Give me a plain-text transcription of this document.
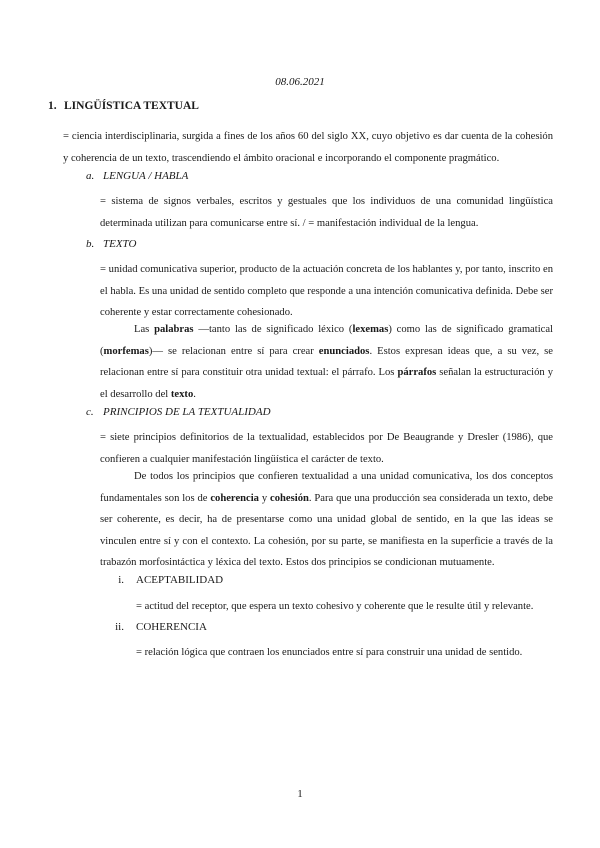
08.06.2021
1. LINGÜÍSTICA TEXTUAL
= ciencia interdisciplinaria, surgida a fines de los años 60 del siglo XX, cuyo objetivo es dar cuenta de la cohesión y coherencia de un texto, trascendiendo el ámbito oracional e incorporando el componente pragmático.
a. LENGUA / HABLA
= sistema de signos verbales, escritos y gestuales que los individuos de una comunidad lingüística determinada utilizan para comunicarse entre sí. / = manifestación individual de la lengua.
b. TEXTO
= unidad comunicativa superior, producto de la actuación concreta de los hablantes y, por tanto, inscrito en el habla. Es una unidad de sentido completo que responde a una intención comunicativa definida. Debe ser coherente y estar correctamente cohesionado.
Las palabras —tanto las de significado léxico (lexemas) como las de significado gramatical (morfemas)— se relacionan entre sí para crear enunciados. Estos expresan ideas que, a su vez, se relacionan entre sí para constituir otra unidad textual: el párrafo. Los párrafos señalan la estructuración y el desarrollo del texto.
c. PRINCIPIOS DE LA TEXTUALIDAD
= siete principios definitorios de la textualidad, establecidos por De Beaugrande y Dresler (1986), que confieren a cualquier manifestación lingüística el carácter de texto.
De todos los principios que confieren textualidad a una unidad comunicativa, los dos conceptos fundamentales son los de coherencia y cohesión. Para que una producción sea considerada un texto, debe ser coherente, es decir, ha de presentarse como una unidad global de sentido, en la que las ideas se vinculen entre sí y con el contexto. La cohesión, por su parte, se manifiesta en la superficie a través de la trabazón morfosintáctica y léxica del texto. Estos dos principios se condicionan mutuamente.
i. ACEPTABILIDAD
= actitud del receptor, que espera un texto cohesivo y coherente que le resulte útil y relevante.
ii. COHERENCIA
= relación lógica que contraen los enunciados entre sí para construir una unidad de sentido.
1
